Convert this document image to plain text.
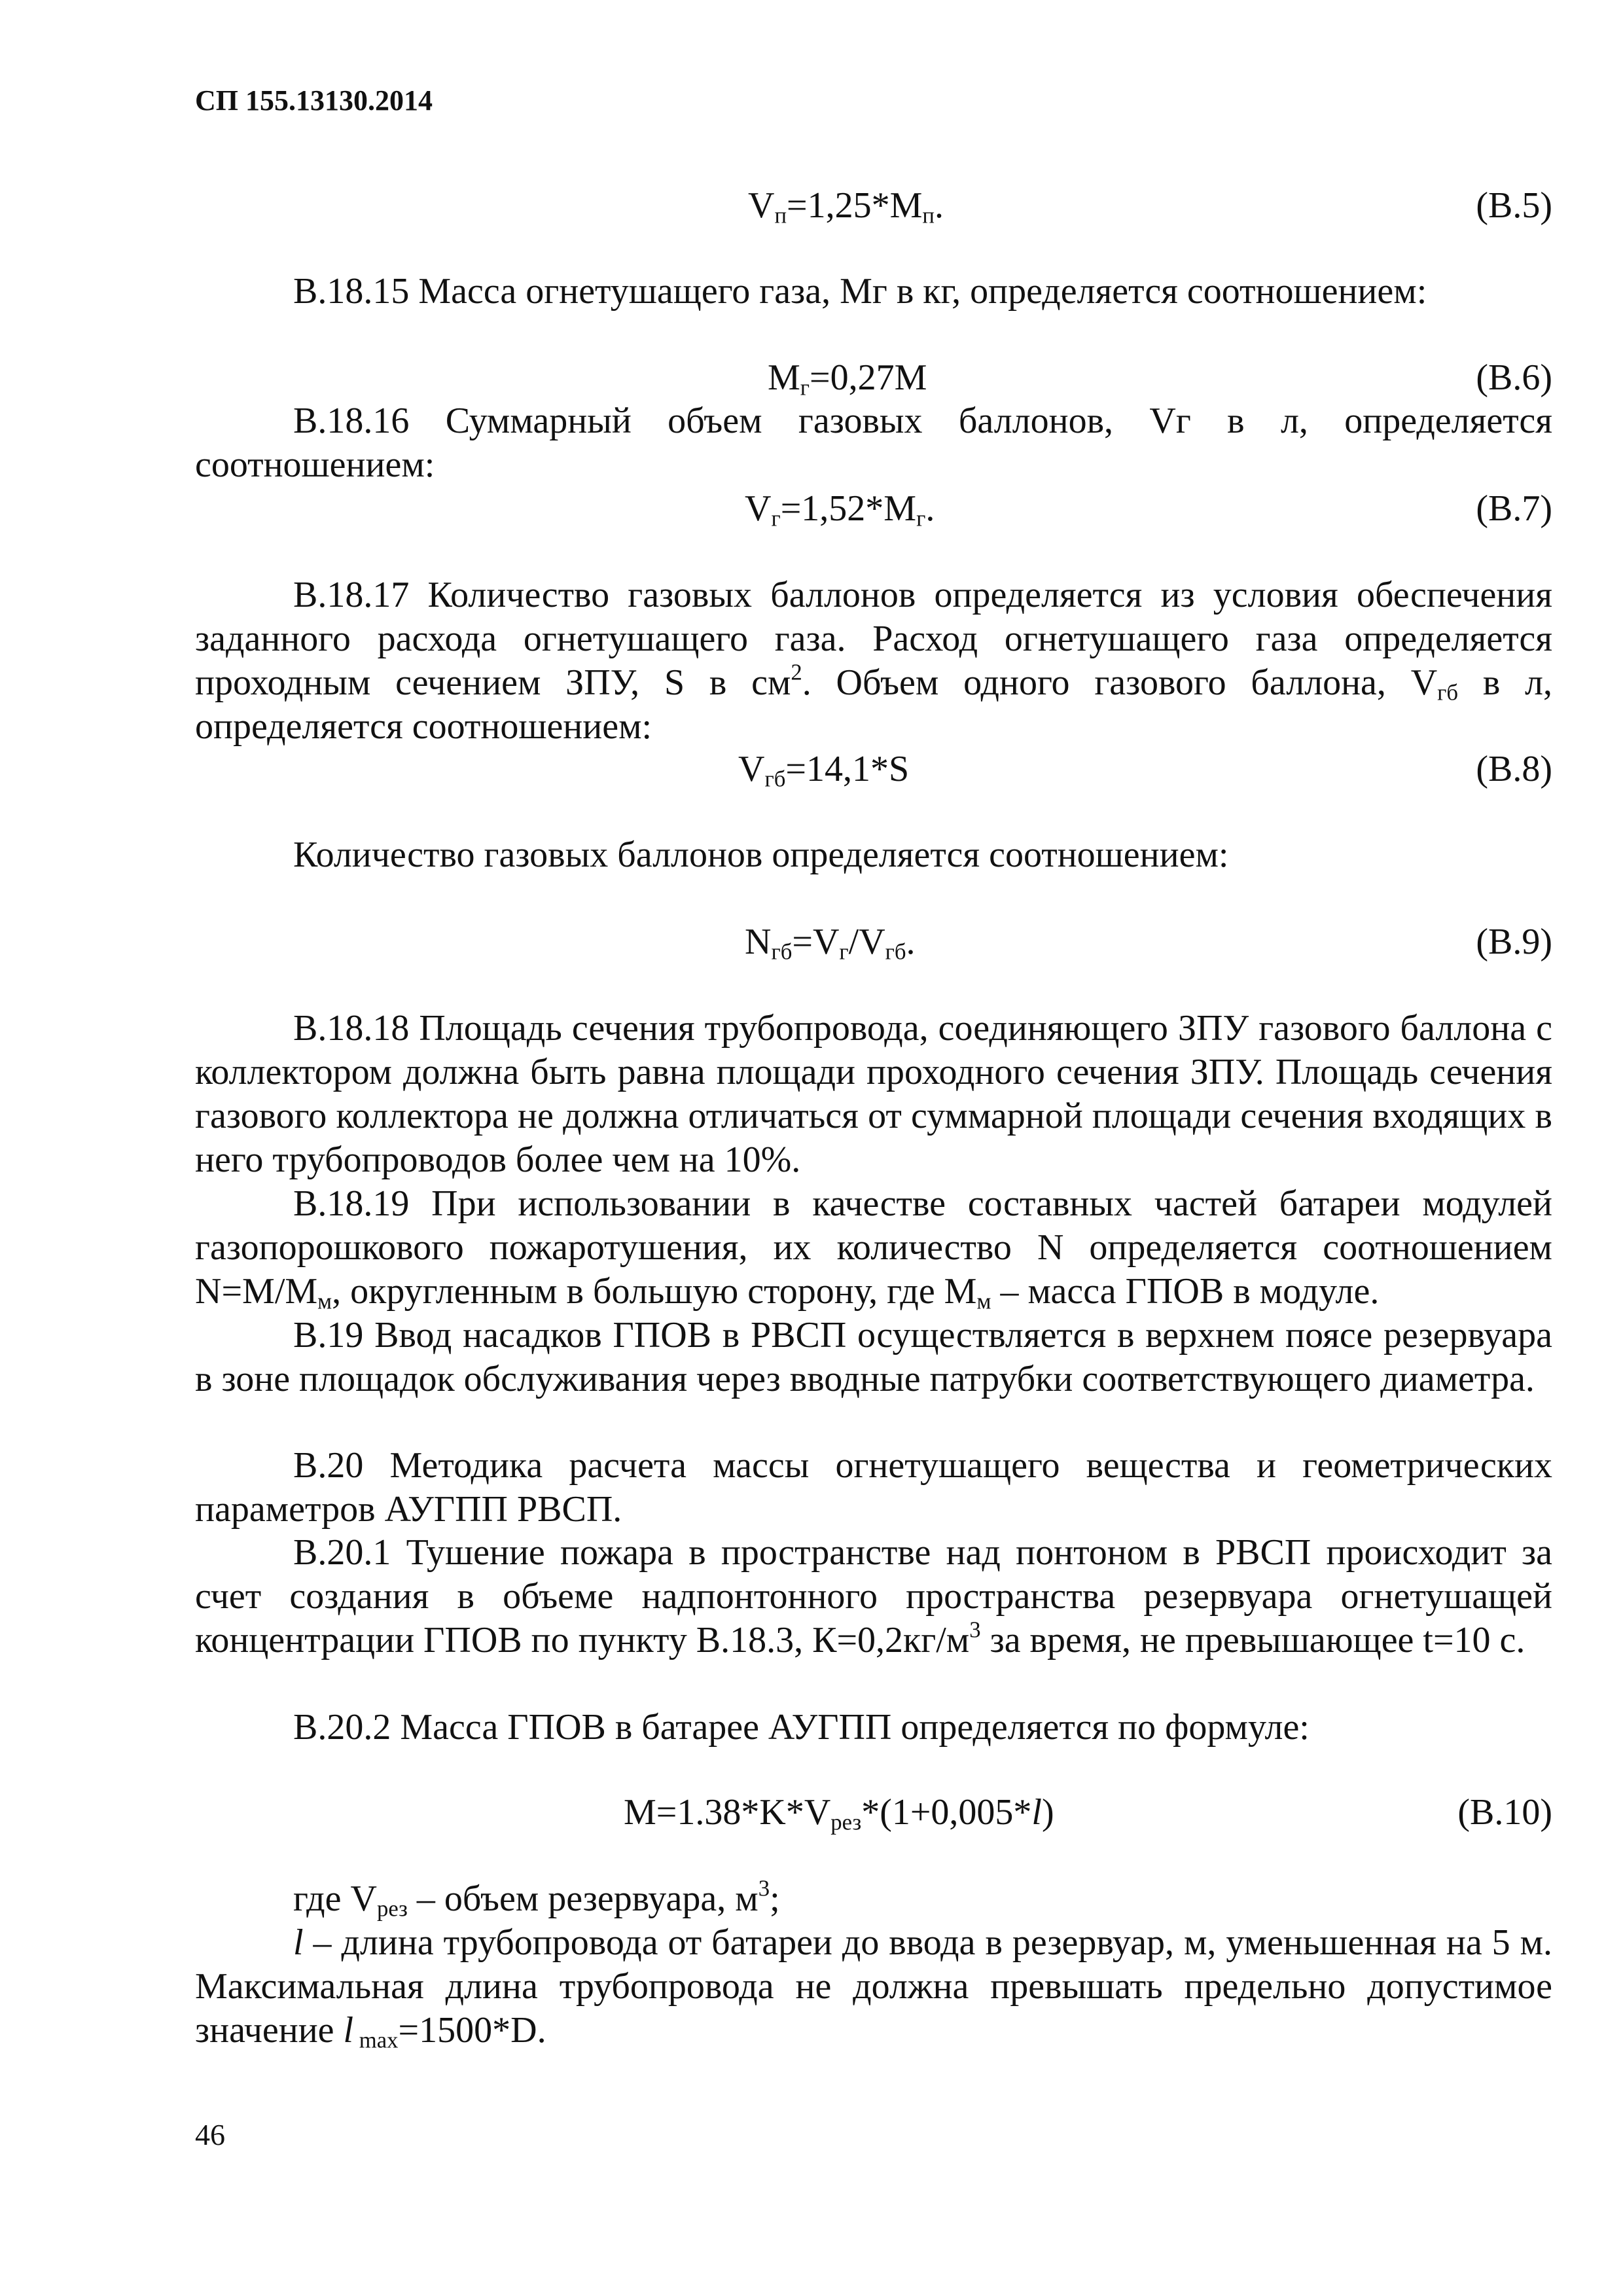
СП 155.13130.2014
$V_п=1,25*M_п$.	(В.5)
В.18.15 Масса огнетушащего газа, Мг в кг, определяется соотношением:
$M_г=0,27M$	(В.6)
В.18.16 Суммарный объем газовых баллонов, Vг в л, определяется соотношением:
$V_г=1,52*M_г$.	(В.7)
В.18.17 Количество газовых баллонов определяется из условия обеспечения заданного расхода огнетушащего газа. Расход огнетушащего газа определяется проходным сечением ЗПУ, S в $см^2$. Объем одного газового баллона, $V_{гб}$ в л, определяется соотношением:
$V_{гб}=14,1*S$	(В.8)
Количество газовых баллонов определяется соотношением:
$N_{гб}=V_г/V_{гб}$.	(В.9)
В.18.18 Площадь сечения трубопровода, соединяющего ЗПУ газового баллона с коллектором должна быть равна площади проходного сечения ЗПУ. Площадь сечения газового коллектора не должна отличаться от суммарной площади сечения входящих в него трубопроводов более чем на 10%.
В.18.19 При использовании в качестве составных частей батареи модулей газопорошкового пожаротушения, их количество N определяется соотношением $N=M/M_м$, округленным в большую сторону, где $M_м$ – масса ГПОВ в модуле.
В.19 Ввод насадков ГПОВ в РВСП осуществляется в верхнем поясе резервуара в зоне площадок обслуживания через вводные патрубки соответствующего диаметра.
В.20 Методика расчета массы огнетушащего вещества и геометрических параметров АУГПП РВСП.
В.20.1 Тушение пожара в пространстве над понтоном в РВСП происходит за счет создания в объеме надпонтонного пространства резервуара огнетушащей концентрации ГПОВ по пункту В.18.3, $К=0,2кг/м^3$ за время, не превышающее t=10 с.
В.20.2 Масса ГПОВ в батарее АУГПП определяется по формуле:
$M=1.38*K*V_{рез}*(1+0,005*l)$	(В.10)
где $V_{рез}$ – объем резервуара, $м^3$;
l – длина трубопровода от батареи до ввода в резервуар, м, уменьшенная на 5 м. Максимальная длина трубопровода не должна превышать предельно допустимое значение l $_{max}$=1500*D.
46
